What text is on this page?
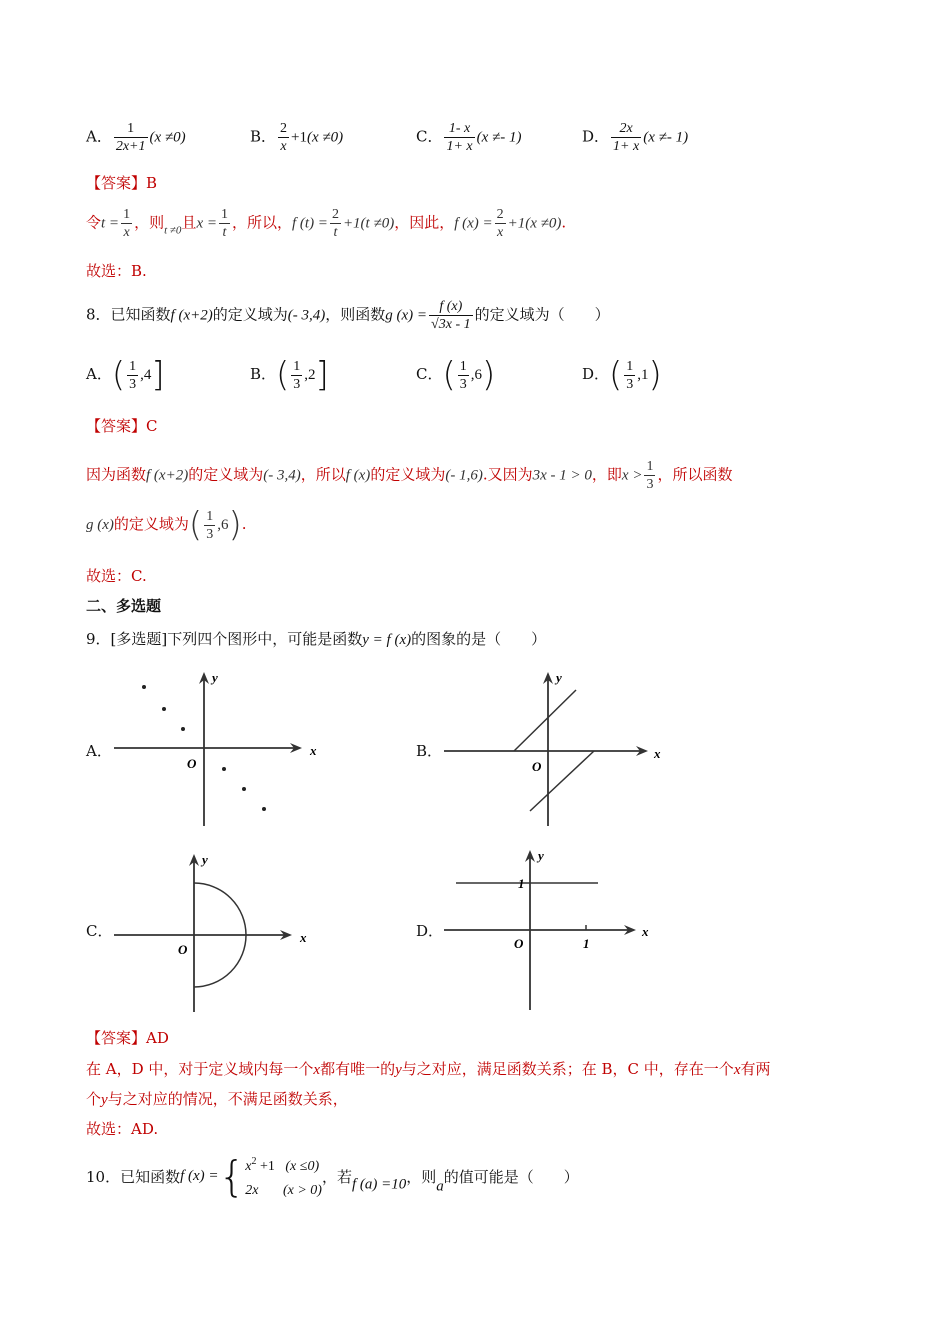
A． $\frac{1}{2x+1} (x \ne 0)$	B． $\frac{2}{x} +1(x \ne 0)$	C． $\frac{1- x}{1+ x} (x \ne- 1)$	D． $\frac{2x}{1+ x} (x \ne- 1)$
【答案】B
令$t = \frac{1}{x}$ ，则$_{t \ne 0}$且$x = \frac{1}{t}$ ，所以，f $(t) = \frac{2}{t} +1(t \ne 0)$，因此，f $(x) = \frac{2}{x} +1(x \ne 0)$.
故选：B.
8．已知函数f (x+2)的定义域为(- 3,4)，则函数g $(x) = \frac{f (x)}{√3x - 1}$ 的定义域为（　　）
A．( $\frac{1}{3} ,4$]	B．( $\frac{1}{3} ,2$]	C．( $\frac{1}{3} ,6$)	D．( $\frac{1}{3} ,1$)
【答案】C
因为函数f (x+2)的定义域为(- 3,4)，所以f (x)的定义域为(- 1,6).又因为3x - 1 > 0，即$x > \frac{1}{3}$ ，所以函数
g (x)的定义域为( $\frac{1}{3} ,6$).
故选：C.
二、多选题
9．[多选题]下列四个图形中，可能是函数y = f (x)的图象的是（　　）
A．	x
y
O
B．	x
y
O
C．	x
y
O
D．	x
y
O
1
1
【答案】AD
在 A，D 中，对于定义域内每一个x都有唯一的y与之对应，满足函数关系；在 B，C 中，存在一个x有两
个y与之对应的情况，不满足函数关系，
故选：AD.
10．已知函数f (x) ={ $x^2 +1$ (x ≤0)
2x (x > 0)
，若f (a) =10，则a的值可能是（　　）
